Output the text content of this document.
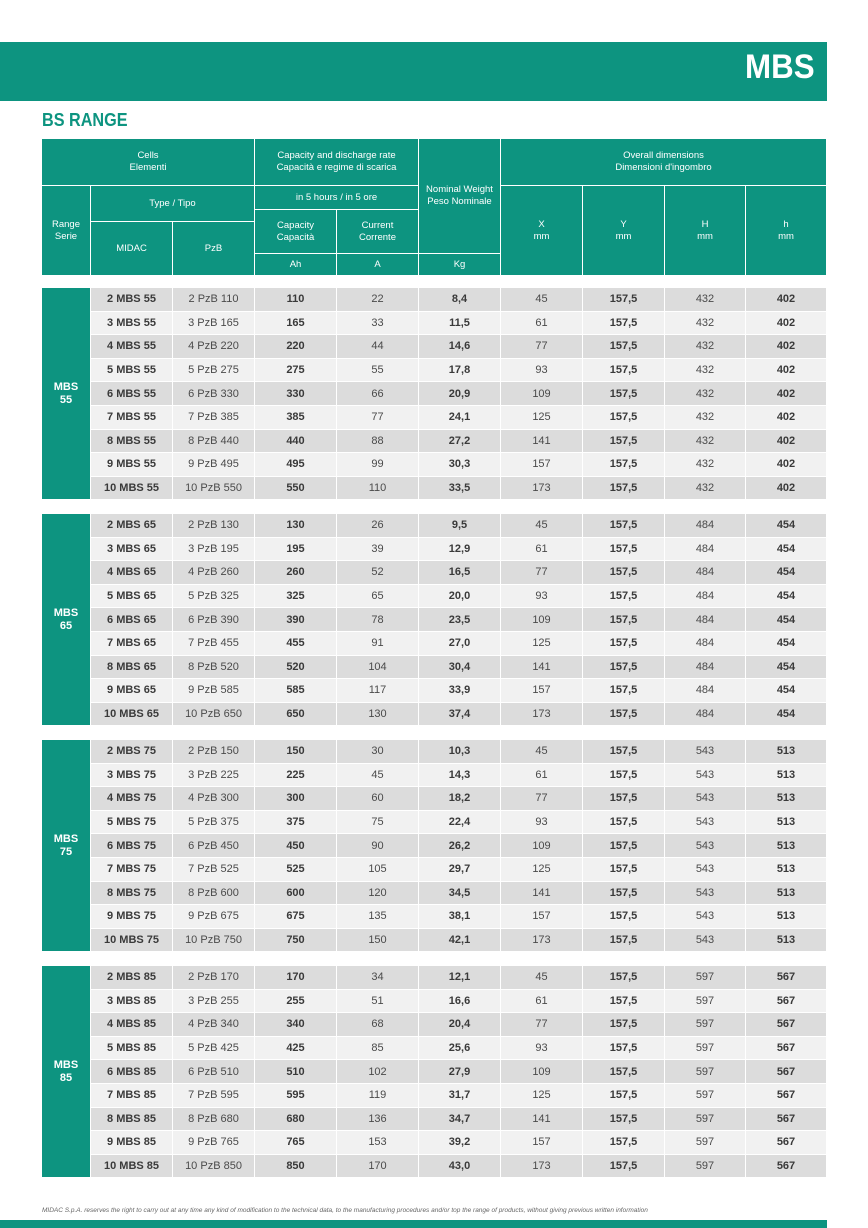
MBS
BS RANGE
Cells
Elementi
Capacity and discharge rate
Capacità e regime di scarica
Nominal Weight
Peso Nominale
Overall dimensions
Dimensioni d'ingombro
Range
Serie
Type / Tipo
in 5 hours / in 5 ore
MIDAC	PzB
Capacity
Capacità
Current
Corrente
X
mm
Y
mm
H
mm
h
mm
Ah	A	Kg
MBS
55
2 MBS 55	2 PzB 110	110	22	8,4	45	157,5	432	402
3 MBS 55	3 PzB 165	165	33	11,5	61	157,5	432	402
4 MBS 55	4 PzB 220	220	44	14,6	77	157,5	432	402
5 MBS 55	5 PzB 275	275	55	17,8	93	157,5	432	402
6 MBS 55	6 PzB 330	330	66	20,9	109	157,5	432	402
7 MBS 55	7 PzB 385	385	77	24,1	125	157,5	432	402
8 MBS 55	8 PzB 440	440	88	27,2	141	157,5	432	402
9 MBS 55	9 PzB 495	495	99	30,3	157	157,5	432	402
10 MBS 55	10 PzB 550	550	110	33,5	173	157,5	432	402
MBS
65
2 MBS 65	2 PzB 130	130	26	9,5	45	157,5	484	454
3 MBS 65	3 PzB 195	195	39	12,9	61	157,5	484	454
4 MBS 65	4 PzB 260	260	52	16,5	77	157,5	484	454
5 MBS 65	5 PzB 325	325	65	20,0	93	157,5	484	454
6 MBS 65	6 PzB 390	390	78	23,5	109	157,5	484	454
7 MBS 65	7 PzB 455	455	91	27,0	125	157,5	484	454
8 MBS 65	8 PzB 520	520	104	30,4	141	157,5	484	454
9 MBS 65	9 PzB 585	585	117	33,9	157	157,5	484	454
10 MBS 65	10 PzB 650	650	130	37,4	173	157,5	484	454
MBS
75
2 MBS 75	2 PzB 150	150	30	10,3	45	157,5	543	513
3 MBS 75	3 PzB 225	225	45	14,3	61	157,5	543	513
4 MBS 75	4 PzB 300	300	60	18,2	77	157,5	543	513
5 MBS 75	5 PzB 375	375	75	22,4	93	157,5	543	513
6 MBS 75	6 PzB 450	450	90	26,2	109	157,5	543	513
7 MBS 75	7 PzB 525	525	105	29,7	125	157,5	543	513
8 MBS 75	8 PzB 600	600	120	34,5	141	157,5	543	513
9 MBS 75	9 PzB 675	675	135	38,1	157	157,5	543	513
10 MBS 75	10 PzB 750	750	150	42,1	173	157,5	543	513
MBS
85
2 MBS 85	2 PzB 170	170	34	12,1	45	157,5	597	567
3 MBS 85	3 PzB 255	255	51	16,6	61	157,5	597	567
4 MBS 85	4 PzB 340	340	68	20,4	77	157,5	597	567
5 MBS 85	5 PzB 425	425	85	25,6	93	157,5	597	567
6 MBS 85	6 PzB 510	510	102	27,9	109	157,5	597	567
7 MBS 85	7 PzB 595	595	119	31,7	125	157,5	597	567
8 MBS 85	8 PzB 680	680	136	34,7	141	157,5	597	567
9 MBS 85	9 PzB 765	765	153	39,2	157	157,5	597	567
10 MBS 85	10 PzB 850	850	170	43,0	173	157,5	597	567
MIDAC S.p.A. reserves the right to carry out at any time any kind of modification to the technical data, to the manufacturing procedures and/or top the range of products, without giving previous written information
